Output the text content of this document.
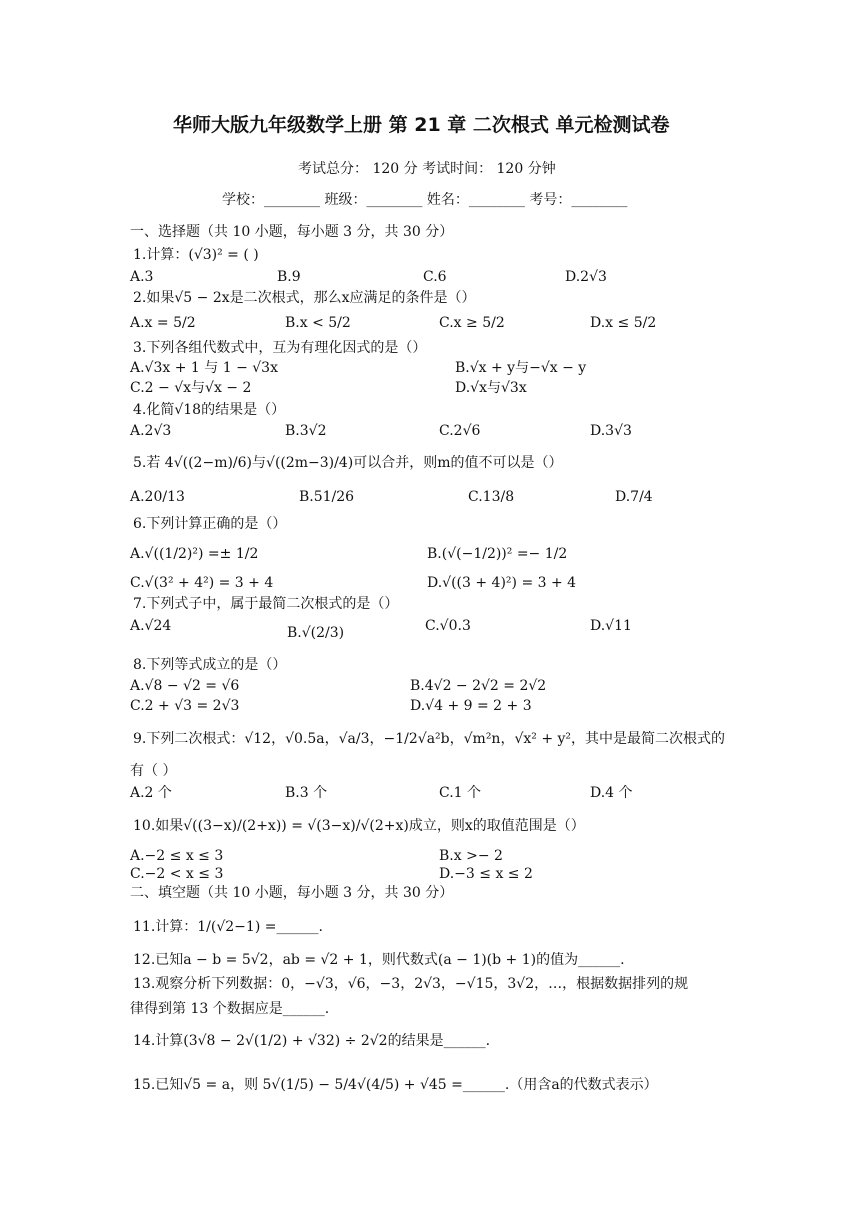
华师大版九年级数学上册 第 21 章 二次根式 单元检测试卷
考试总分： 120 分 考试时间： 120 分钟
学校：________ 班级：________ 姓名：________ 考号：________
一、选择题（共 10 小题，每小题 3 分，共 30 分）
1.计算：(√3)² = ( )
A.3	B.9	C.6	D.2√3
2.如果√5 − 2x是二次根式，那么x应满足的条件是（）
A.x = 5/2	B.x < 5/2	C.x ≥ 5/2	D.x ≤ 5/2
3.下列各组代数式中，互为有理化因式的是（）
A.√3x + 1 与 1 − √3x	B.√x + y与−√x − y
C.2 − √x与√x − 2	D.√x与√3x
4.化简√18的结果是（）
A.2√3	B.3√2	C.2√6	D.3√3
5.若 4√((2−m)/6)与√((2m−3)/4)可以合并，则m的值不可以是（）
A.20/13	B.51/26	C.13/8	D.7/4
6.下列计算正确的是（）
A.√((1/2)²) =± 1/2	B.(√(−1/2))² =− 1/2
C.√(3² + 4²) = 3 + 4	D.√((3 + 4)²) = 3 + 4
7.下列式子中，属于最简二次根式的是（）
A.√24	B.√(2/3)	C.√0.3	D.√11
8.下列等式成立的是（）
A.√8 − √2 = √6	B.4√2 − 2√2 = 2√2
C.2 + √3 = 2√3	D.√4 + 9 = 2 + 3
9.下列二次根式：√12，√0.5a，√a/3，−1/2√a²b，√m²n，√x² + y²，其中是最简二次根式的
有（ ）
A.2 个	B.3 个	C.1 个	D.4 个
10.如果√((3−x)/(2+x)) = √(3−x)/√(2+x)成立，则x的取值范围是（）
A.−2 ≤ x ≤ 3	B.x >− 2
C.−2 < x ≤ 3	D.−3 ≤ x ≤ 2
二、填空题（共 10 小题，每小题 3 分，共 30 分）
11.计算：1/(√2−1) =______.
12.已知a − b = 5√2，ab = √2 + 1，则代数式(a − 1)(b + 1)的值为______.
13.观察分析下列数据：0，−√3，√6，−3，2√3，−√15，3√2，…，根据数据排列的规
律得到第 13 个数据应是______.
14.计算(3√8 − 2√(1/2) + √32) ÷ 2√2的结果是______.
15.已知√5 = a，则 5√(1/5) − 5/4√(4/5) + √45 =______.（用含a的代数式表示）
